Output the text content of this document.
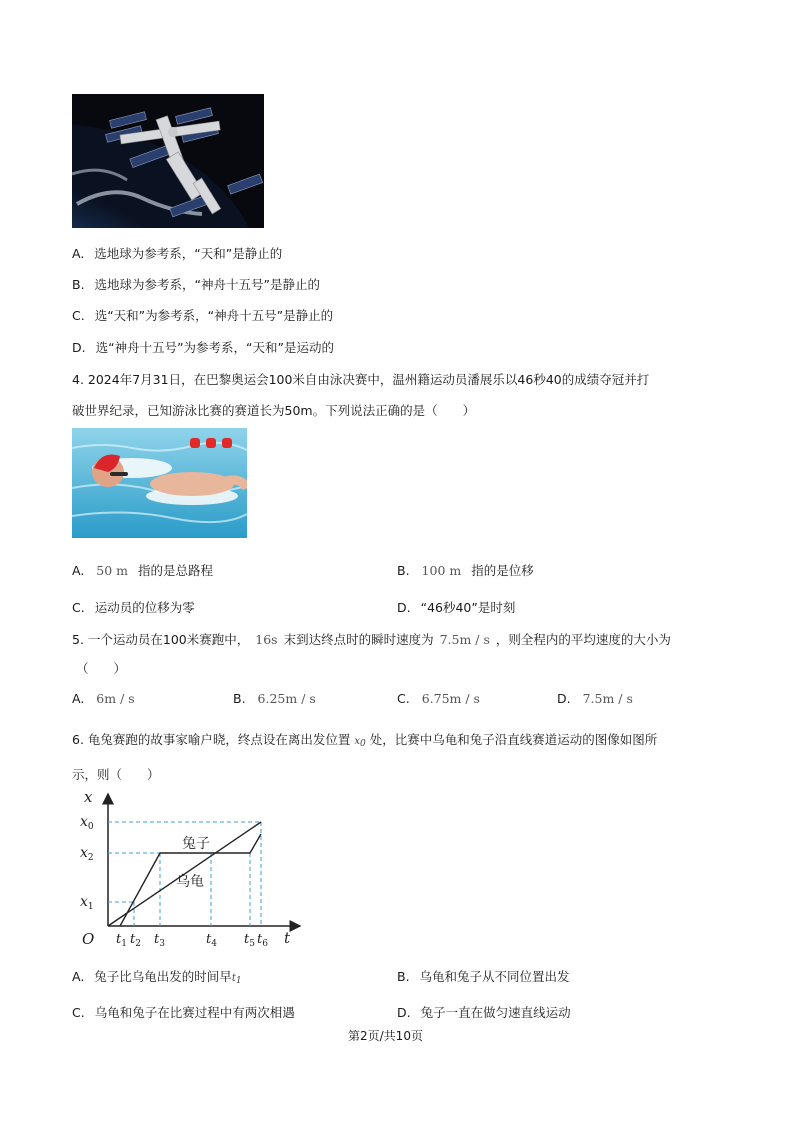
A. 选地球为参考系，“天和”是静止的
B. 选地球为参考系，“神舟十五号”是静止的
C. 选“天和”为参考系，“神舟十五号”是静止的
D. 选“神舟十五号”为参考系，“天和”是运动的
4. 2024年7月31日，在巴黎奥运会100米自由泳决赛中，温州籍运动员潘展乐以46秒40的成绩夺冠并打
破世界纪录，已知游泳比赛的赛道长为50m。下列说法正确的是（　　）
A. 50 m 指的是总路程	B. 100 m 指的是位移
C. 运动员的位移为零	D. “46秒40”是时刻
5. 一个运动员在100米赛跑中， 16s 末到达终点时的瞬时速度为 7.5m / s ，则全程内的平均速度的大小为
（　　）
A. 6m / s	B. 6.25m / s	C. 6.75m / s	D. 7.5m / s
6. 龟兔赛跑的故事家喻户晓，终点设在离出发位置 x0 处，比赛中乌龟和兔子沿直线赛道运动的图像如图所
示，则（　　）
x
t
O
$x_0$
$x_2$
$x_1$
$t_1$ $t_2$ $t_3$	$t_4$ $t_5$ $t_6$
兔子
乌龟
A. 兔子比乌龟出发的时间早t1	B. 乌龟和兔子从不同位置出发
C. 乌龟和兔子在比赛过程中有两次相遇	D. 兔子一直在做匀速直线运动
第2页/共10页
